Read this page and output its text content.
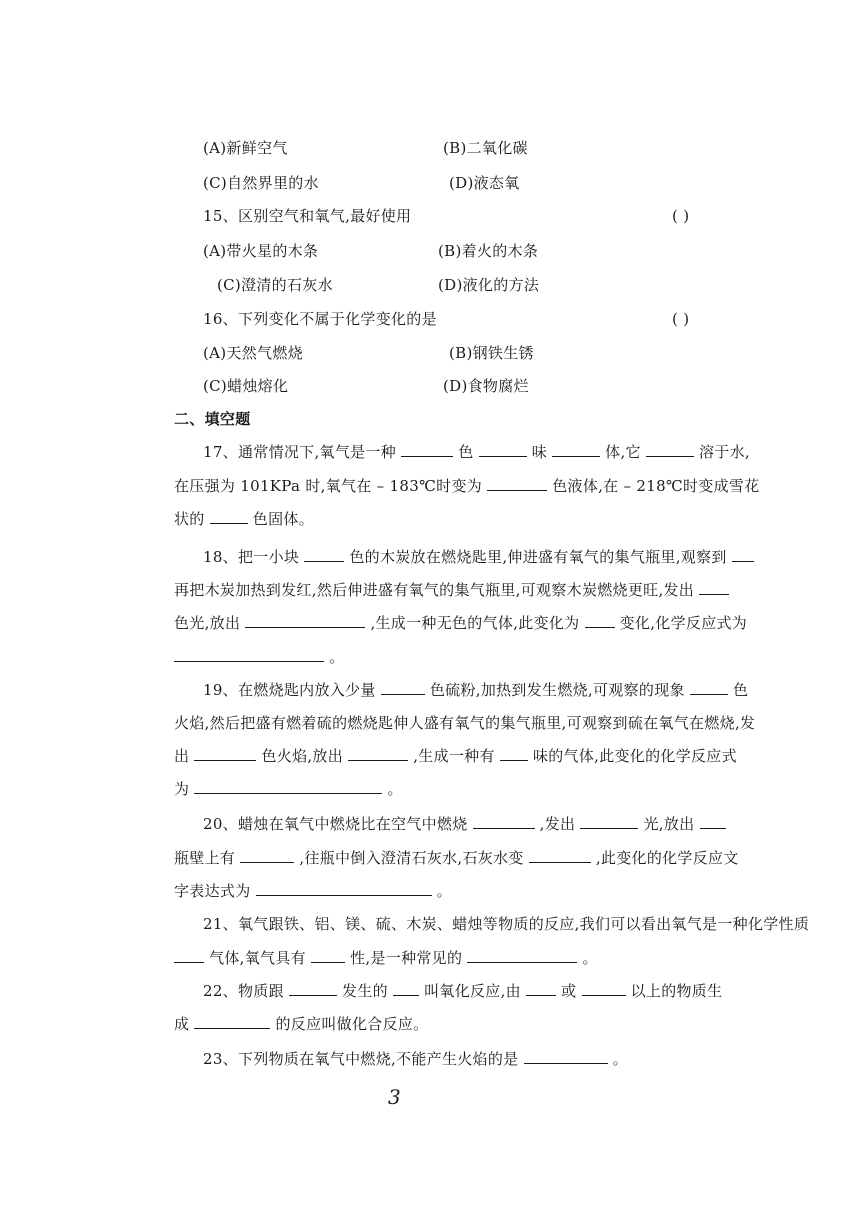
(A)新鲜空气	(B)二氧化碳
(C)自然界里的水	(D)液态氧
15、区别空气和氧气,最好使用	( )
(A)带火星的木条	(B)着火的木条
(C)澄清的石灰水	(D)液化的方法
16、下列变化不属于化学变化的是	( )
(A)天然气燃烧	(B)钢铁生锈
(C)蜡烛熔化	(D)食物腐烂
二、填空题
17、通常情况下,氧气是一种	色	味	体,它	溶于水,
在压强为 101KPa 时,氧气在 – 183℃时变为	色液体,在 – 218℃时变成雪花
状的	色固体。
18、把一小块	色的木炭放在燃烧匙里,伸进盛有氧气的集气瓶里,观察到
再把木炭加热到发红,然后伸进盛有氧气的集气瓶里,可观察木炭燃烧更旺,发出
色光,放出	,生成一种无色的气体,此变化为	变化,化学反应式为
。
19、在燃烧匙内放入少量	色硫粉,加热到发生燃烧,可观察的现象	色
火焰,然后把盛有燃着硫的燃烧匙伸人盛有氧气的集气瓶里,可观察到硫在氧气在燃烧,发
出	色火焰,放出	,生成一种有	味的气体,此变化的化学反应式
为	。
20、蜡烛在氧气中燃烧比在空气中燃烧	,发出	光,放出
瓶壁上有	,往瓶中倒入澄清石灰水,石灰水变	,此变化的化学反应文
字表达式为	。
21、氧气跟铁、铝、镁、硫、木炭、蜡烛等物质的反应,我们可以看出氧气是一种化学性质
气体,氧气具有	性,是一种常见的	。
22、物质跟	发生的 叫氧化反应,由	或	以上的物质生
成	的反应叫做化合反应。
23、下列物质在氧气中燃烧,不能产生火焰的是	。
3
